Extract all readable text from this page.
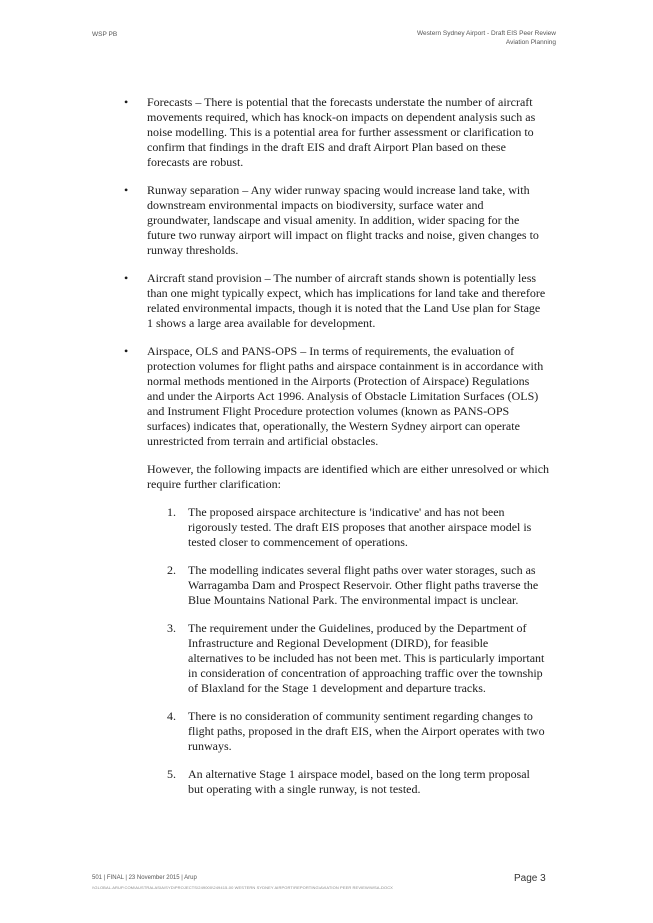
WSP PB	Western Sydney Airport - Draft EIS Peer Review
Aviation Planning
• Forecasts – There is potential that the forecasts understate the number of aircraft movements required, which has knock-on impacts on dependent analysis such as noise modelling. This is a potential area for further assessment or clarification to confirm that findings in the draft EIS and draft Airport Plan based on these forecasts are robust.
• Runway separation – Any wider runway spacing would increase land take, with downstream environmental impacts on biodiversity, surface water and groundwater, landscape and visual amenity. In addition, wider spacing for the future two runway airport will impact on flight tracks and noise, given changes to runway thresholds.
• Aircraft stand provision – The number of aircraft stands shown is potentially less than one might typically expect, which has implications for land take and therefore related environmental impacts, though it is noted that the Land Use plan for Stage 1 shows a large area available for development.
• Airspace, OLS and PANS-OPS – In terms of requirements, the evaluation of protection volumes for flight paths and airspace containment is in accordance with normal methods mentioned in the Airports (Protection of Airspace) Regulations and under the Airports Act 1996. Analysis of Obstacle Limitation Surfaces (OLS) and Instrument Flight Procedure protection volumes (known as PANS-OPS surfaces) indicates that, operationally, the Western Sydney airport can operate unrestricted from terrain and artificial obstacles.
However, the following impacts are identified which are either unresolved or which require further clarification:
1. The proposed airspace architecture is 'indicative' and has not been rigorously tested. The draft EIS proposes that another airspace model is tested closer to commencement of operations.
2. The modelling indicates several flight paths over water storages, such as Warragamba Dam and Prospect Reservoir. Other flight paths traverse the Blue Mountains National Park. The environmental impact is unclear.
3. The requirement under the Guidelines, produced by the Department of Infrastructure and Regional Development (DIRD), for feasible alternatives to be included has not been met. This is particularly important in consideration of concentration of approaching traffic over the township of Blaxland for the Stage 1 development and departure tracks.
4. There is no consideration of community sentiment regarding changes to flight paths, proposed in the draft EIS, when the Airport operates with two runways.
5. An alternative Stage 1 airspace model, based on the long term proposal but operating with a single runway, is not tested.
501 | FINAL | 23 November 2015 | Arup
\\GLOBAL.ARUP.COM\AUSTRALASIA\SYD\PROJECTS\249000\249415-00 WESTERN SYDNEY AIRPORT\REPORTING\AVIATION PEER REVIEW\WSA-DOCX
Page 3
